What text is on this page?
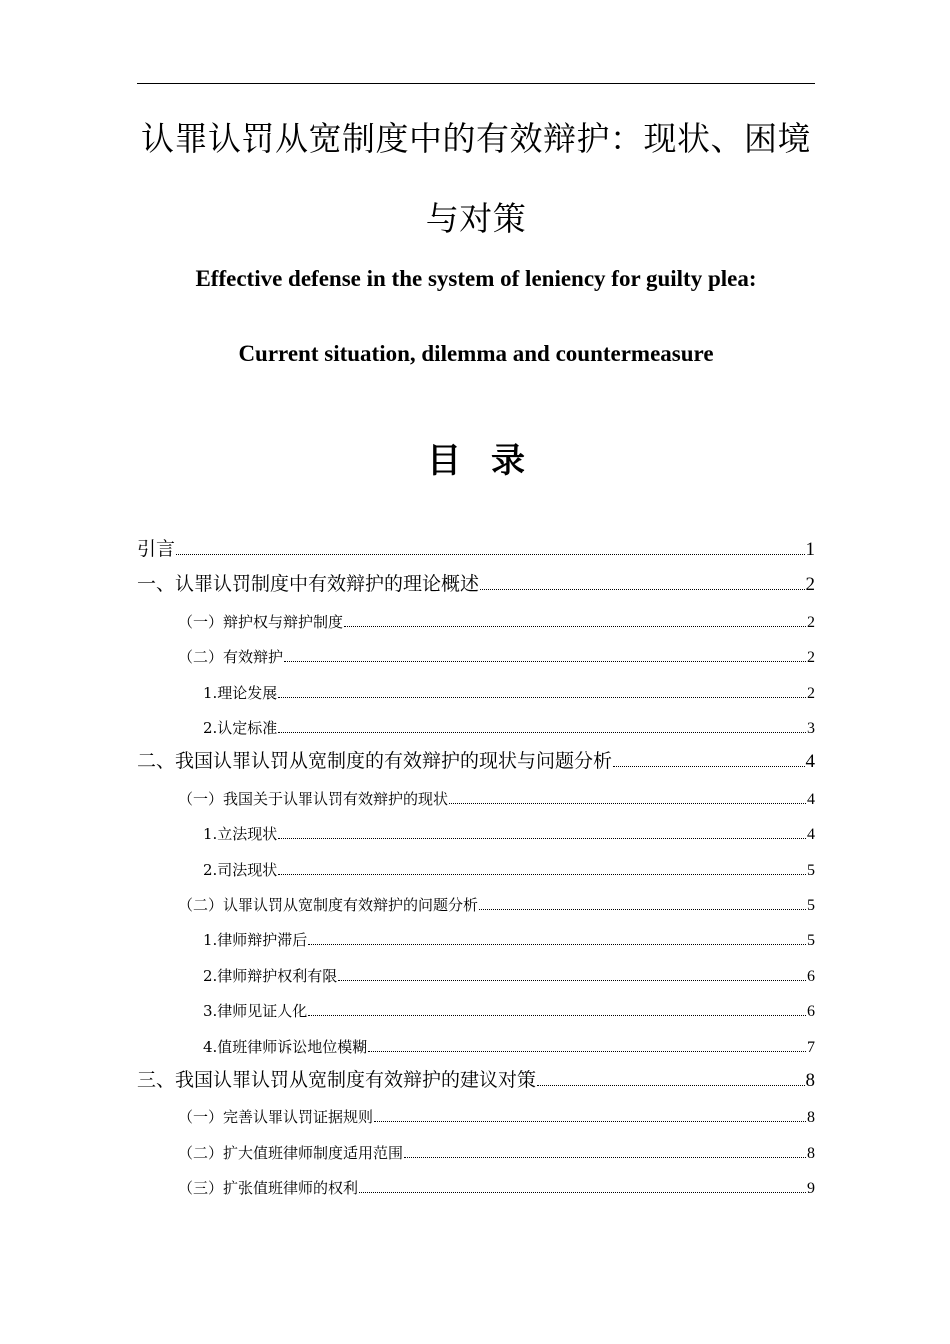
认罪认罚从宽制度中的有效辩护：现状、困境
与对策
Effective defense in the system of leniency for guilty plea:
Current situation, dilemma and countermeasure
目录
引言	1
一、认罪认罚制度中有效辩护的理论概述	2
（一）辩护权与辩护制度	2
（二）有效辩护	2
1.理论发展	2
2.认定标准	3
二、我国认罪认罚从宽制度的有效辩护的现状与问题分析	4
（一）我国关于认罪认罚有效辩护的现状	4
1.立法现状	4
2.司法现状	5
（二）认罪认罚从宽制度有效辩护的问题分析	5
1.律师辩护滞后	5
2.律师辩护权利有限	6
3.律师见证人化	6
4.值班律师诉讼地位模糊	7
三、我国认罪认罚从宽制度有效辩护的建议对策	8
（一）完善认罪认罚证据规则	8
（二）扩大值班律师制度适用范围	8
（三）扩张值班律师的权利	9
